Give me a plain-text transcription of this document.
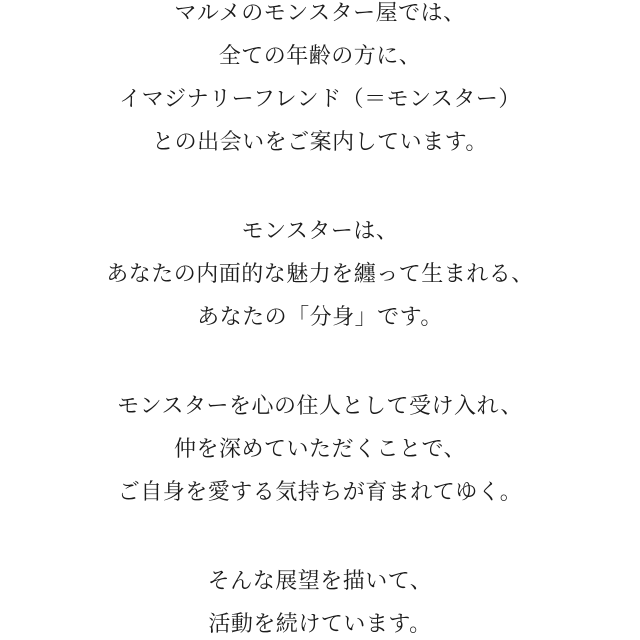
マルメのモンスター屋では、
全ての年齢の方に、
イマジナリーフレンド（＝モンスター）
との出会いをご案内しています。
モンスターは、
あなたの内面的な魅力を纏って生まれる、
あなたの「分身」です。
モンスターを心の住人として受け入れ、
仲を深めていただくことで、
ご自身を愛する気持ちが育まれてゆく。
そんな展望を描いて、
活動を続けています。
